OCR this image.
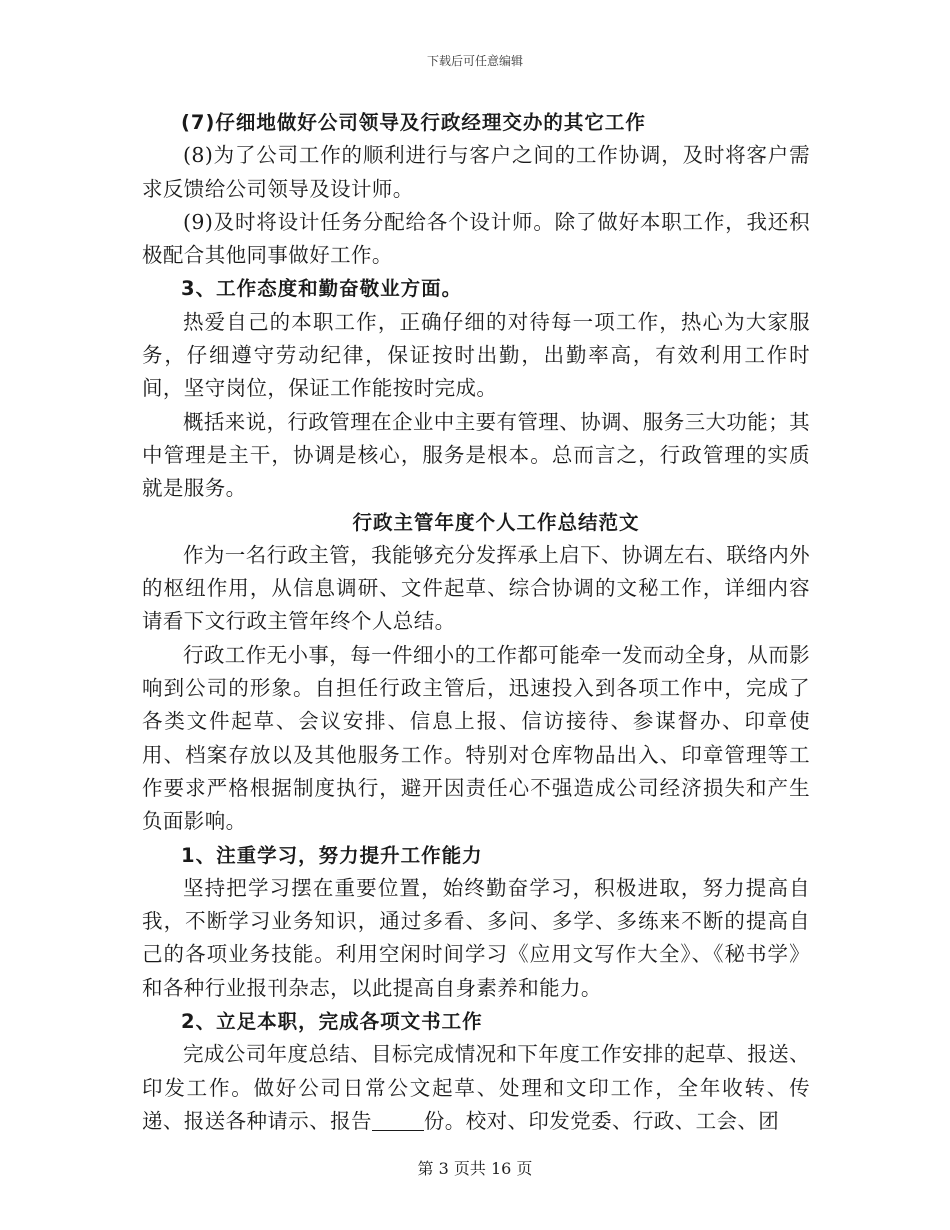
下载后可任意编辑

(7)仔细地做好公司领导及行政经理交办的其它工作

(8)为了公司工作的顺利进行与客户之间的工作协调，及时将客户需求反馈给公司领导及设计师。

(9)及时将设计任务分配给各个设计师。除了做好本职工作，我还积极配合其他同事做好工作。

3、工作态度和勤奋敬业方面。

热爱自己的本职工作，正确仔细的对待每一项工作，热心为大家服务，仔细遵守劳动纪律，保证按时出勤，出勤率高，有效利用工作时间，坚守岗位，保证工作能按时完成。

概括来说，行政管理在企业中主要有管理、协调、服务三大功能；其中管理是主干，协调是核心，服务是根本。总而言之，行政管理的实质就是服务。

行政主管年度个人工作总结范文

作为一名行政主管，我能够充分发挥承上启下、协调左右、联络内外的枢纽作用，从信息调研、文件起草、综合协调的文秘工作，详细内容请看下文行政主管年终个人总结。

行政工作无小事，每一件细小的工作都可能牵一发而动全身，从而影响到公司的形象。自担任行政主管后，迅速投入到各项工作中，完成了各类文件起草、会议安排、信息上报、信访接待、参谋督办、印章使用、档案存放以及其他服务工作。特别对仓库物品出入、印章管理等工作要求严格根据制度执行，避开因责任心不强造成公司经济损失和产生负面影响。

1、注重学习，努力提升工作能力

坚持把学习摆在重要位置，始终勤奋学习，积极进取，努力提高自我，不断学习业务知识，通过多看、多问、多学、多练来不断的提高自己的各项业务技能。利用空闲时间学习《应用文写作大全》、《秘书学》和各种行业报刊杂志，以此提高自身素养和能力。

2、立足本职，完成各项文书工作

完成公司年度总结、目标完成情况和下年度工作安排的起草、报送、印发工作。做好公司日常公文起草、处理和文印工作，全年收转、传递、报送各种请示、报告	份。校对、印发党委、行政、工会、团

第 3 页共 16 页
